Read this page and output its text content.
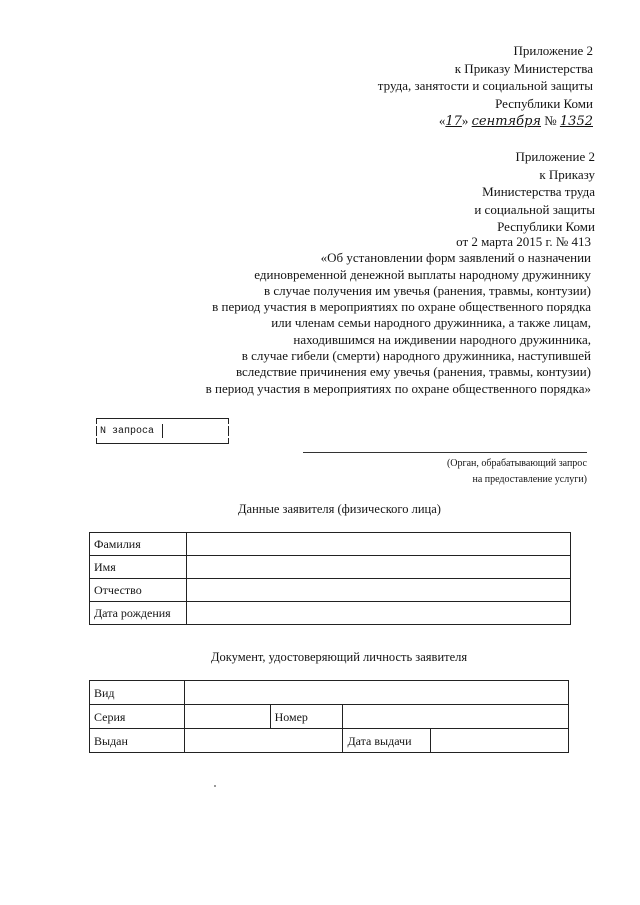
Приложение 2
к Приказу Министерства
труда, занятости и социальной защиты
Республики Коми
«17» сентября № 1352
Приложение 2
к Приказу
Министерства труда
и социальной защиты
Республики Коми
от 2 марта 2015 г. № 413
«Об установлении форм заявлений о назначении
единовременной денежной выплаты народному дружиннику
в случае получения им увечья (ранения, травмы, контузии)
в период участия в мероприятиях по охране общественного порядка
или членам семьи народного дружинника, а также лицам,
находившимся на иждивении народного дружинника,
в случае гибели (смерти) народного дружинника, наступившей
вследствие причинения ему увечья (ранения, травмы, контузии)
в период участия в мероприятиях по охране общественного порядка»
N запроса
(Орган, обрабатывающий запрос
на предоставление услуги)
Данные заявителя (физического лица)
Фамилия	
Имя	
Отчество	
Дата рождения	
Документ, удостоверяющий личность заявителя
Вид				
Серия		Номер		
Выдан			Дата выдачи	
